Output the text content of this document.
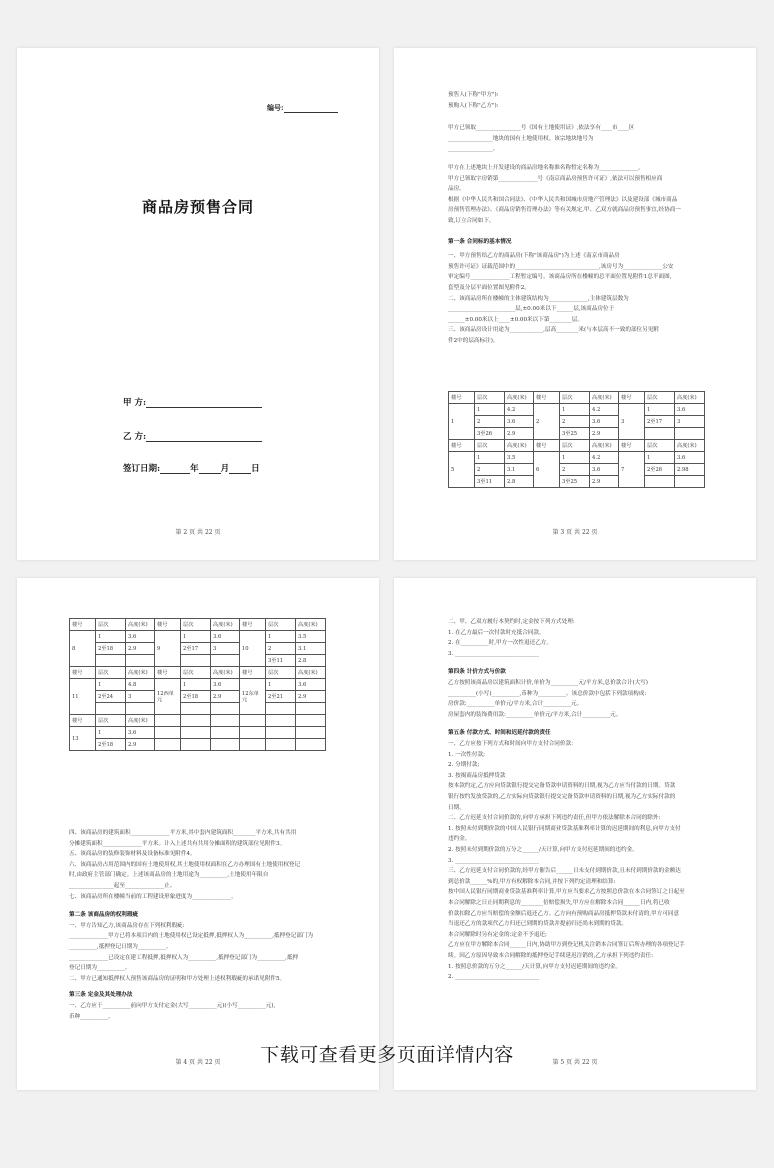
编号:
商品房预售合同
甲 方:
乙 方:
签订日期:	年	月	日
第 2 页 共 22 页
预售人(下称"甲方"):
预购人(下称"乙方"):
甲方已领取________________号《国有土地使用证》,依法享有____市____区
________________地块的国有土地使用权。该宗地块地号为
________________。
甲方在上述地块上开发建设的商品房地名称准名称暂定名称为______________,
甲方已领取字房销第______________号《南京商品房预售许可证》,依法可以预售相应商
品房。
根据《中华人民共和国合同法》、《中华人民共和国城市房地产管理法》以及建设部《城市商品
房预售管理办法》、《商品房销售管理办法》等有关规定,甲、乙双方就商品房预售事宜,经协商一
致,订立合同如下。
第一条 合同标的基本情况
一、甲方预售给乙方的商品房(下称"该商品房")为上述《南京市商品房
预售许可证》证载范围中的______________________________,该房号为______________公安
审定编号______________工程暂定编号。该商品房所在楼幢的总平面位置见附件1总平面图,
套型及分层平面位置图见附件2。
二、该商品房所在楼幢的主体建筑结构为______________,主体建筑层数为
________________________层,±0.00米以下______层,该商品房位于
______±0.00米以上____±0.00米以下第________层。
三、该商品房设计用途为____________,层高________米(与本层高不一致的部位另见附
件2中的层高标注)。
楼号	层次	高度(米)	楼号	层次	高度(米)	楼号	层次	高度(米)
1	1	4.2	2	1	4.2	3	1	3.6
	2	3.6		2	3.6		2至17	3
	3至26	2.9		3至25	2.9			
楼号	层次	高度(米)	楼号	层次	高度(米)	楼号	层次	高度(米)
5	1	3.5	6	1	4.2	7	1	3.6
	2	3.1		2	3.6		2至26	2.98
	3至11	2.8		3至25	2.9			
第 3 页 共 22 页
楼号	层次	高度(米)	楼号	层次	高度(米)	楼号	层次	高度(米)
8	1	3.6	9	1	3.6	10	1	3.5
	2至18	2.9		2至17	3		2	3.1
							3至11	2.8
楼号	层次	高度(米)	楼号	层次	高度(米)	楼号	层次	高度(米)
11	1	4.8	12西单元	1	3.6	12东单元	1	3.6
	2至24	3		2至18	2.9		2至21	2.9

楼号	层次	高度(米)						
13	1	3.6						
	2至18	2.9						
四、该商品房的建筑面积______________平方米,其中套内建筑面积________平方米,共有共用
分摊建筑面积______________平方米。计入上述共有共用分摊面积的建筑部位见附件3。
五、该商品房的装修装饰材料及设备标准见附件4。
六、该商品房占用范围内的国有土地使用权,其土地使用权面积在乙方办理国有土地使用权登记
时,由政府主管部门确定。上述该商品房的土地用途为__________,土地使用年限自
________________起至______________止。
七、该商品房所在楼幢当前的工程建设形象进度为______________。
第二条 该商品房的权利瑕疵
一、甲方告知乙方,该商品房存在下列权利瑕疵:
______________甲方已将本项目内的土地使用权已设定抵押,抵押权人为__________,抵押登记部门为
__________,抵押登记日期为__________。
______________已设定在建工程抵押,抵押权人为__________,抵押登记部门为__________,抵押
登记日期为__________。
二、甲方已通知抵押权人预售该商品房的证明和甲方处理上述权利瑕疵的承诺见附件5。
第三条 定金及其处理办法
一、乙方应于__________前向甲方支付定金(大写__________元)(小写__________元),
币种__________。
第 4 页 共 22 页
二、甲、乙双方履行本契约时,定金按下列方式处理:
1. 在乙方最后一次付款时充抵合同款。
2. 在__________时,甲方一次性退还乙方。
3. ______________________________
第四条 计价方式与价款
乙方按照该商品房以建筑面积计价,单价为__________元/平方米,总价款合计(大写)
__________(小写)__________,币种为__________。该总价款中包括下列款项构成:
房价款:__________单价元/平方米,合计__________元。
房屋套内的装饰费用款:__________单价元/平方米,合计__________元。
第五条 付款方式、时间和迟延付款的责任
一、乙方应按下列方式和时间向甲方支付合同价款:
1. 一次性付款;
2. 分期付款;
3. 按揭商品房抵押贷款
按本款约定,乙方应向贷款银行提交完备贷款申请资料的日期,视为乙方应当付款的日期。贷款
银行按约发放贷款的,乙方实际向贷款银行提交完备贷款申请资料的日期,视为乙方实际付款的
日期。
二、乙方迟延支付合同价款的,向甲方承担下列违约责任,但甲方依法解除本合同的除外:
1. 按照未付到期价款的中国人民银行同期商业贷款基准利率计算的迟延期间的利息,向甲方支付
违约金。
2. 按照未付到期价款的万分之______/天计算,向甲方支付迟延期间的违约金。
3. ______________________________
三、乙方迟延支付合同价款的,经甲方催告后______日未支付到期价款,且未付到期价款的金额达
到总价款______%的,甲方有权解除本合同,并按下列约定清理和结算:
按中国人民银行同期商业贷款基准利率计算,甲方应当要求乙方按照总价款在本合同签订之日起至
本合同解除之日止同期利息的________倍赔偿损失,甲方应在解除本合同______日内,将已收
价款扣除乙方应当赔偿的金额后退还乙方。乙方向有预购商品房抵押贷款未付清的,甲方可同意
当退还乙方的款项代乙方归还已到期的贷款并提前归还尚未到期的贷款。
本合同解除时另有定金的:定金不予退还;
乙方应在甲方解除本合同______日内,协助甲方到登记机关注销本合同签订后所办理的各项登记手
续。因乙方原因导致本合同解除的抵押登记手续延迟注销的,乙方承担下列违约责任:
1. 按照总价款的万分之______/天计算,向甲方支付迟延期间的违约金。
2. ______________________________
第 5 页 共 22 页
下载可查看更多页面详情内容
